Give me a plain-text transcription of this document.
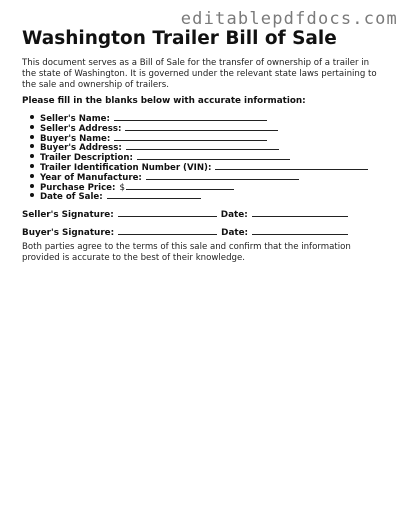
editablepdfdocs.com
Washington Trailer Bill of Sale

This document serves as a Bill of Sale for the transfer of ownership of a trailer in the state of Washington. It is governed under the relevant state laws pertaining to the sale and ownership of trailers.

Please fill in the blanks below with accurate information:

Seller's Name:
Seller's Address:
Buyer's Name:
Buyer's Address:
Trailer Description:
Trailer Identification Number (VIN):
Year of Manufacture:
Purchase Price: $
Date of Sale:
Seller's Signature:	Date:
Buyer's Signature:	Date:

Both parties agree to the terms of this sale and confirm that the information provided is accurate to the best of their knowledge.
